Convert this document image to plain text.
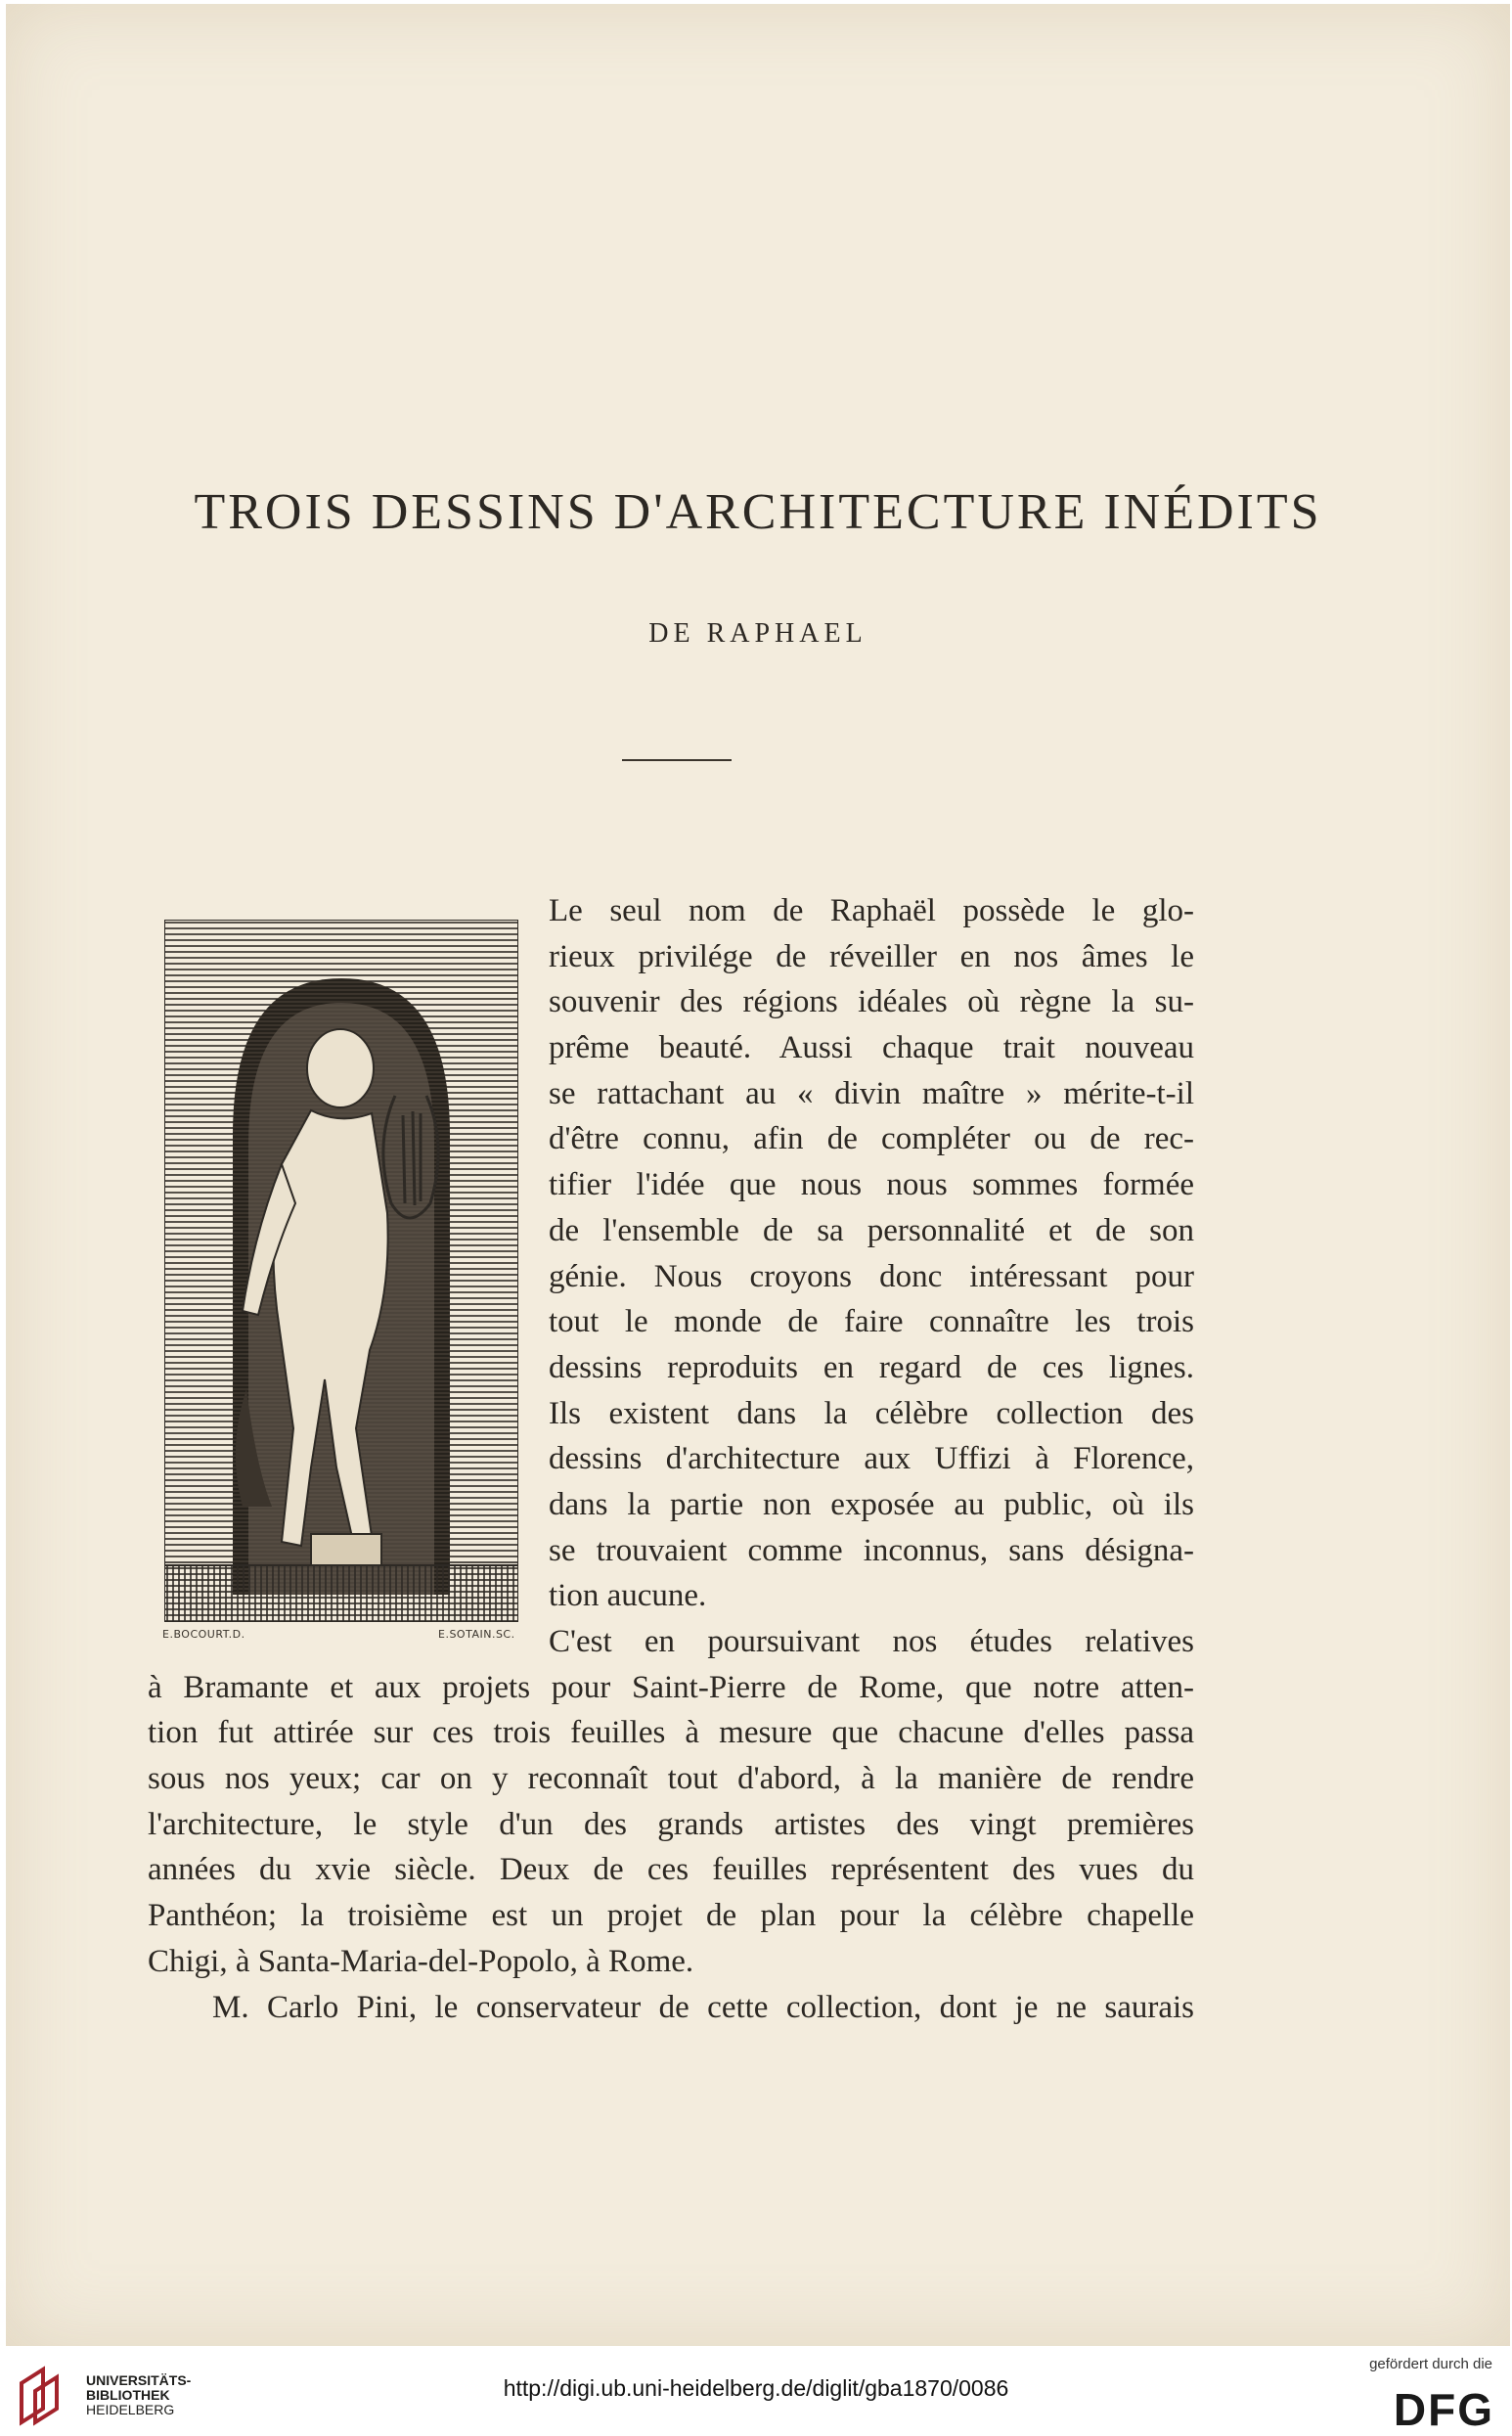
TROIS DESSINS D'ARCHITECTURE INÉDITS
DE RAPHAEL
E.BOCOURT.D.	E.SOTAIN.SC.
Le seul nom de Raphaël possède le glo-
rieux privilége de réveiller en nos âmes le
souvenir des régions idéales où règne la su-
prême beauté. Aussi chaque trait nouveau
se rattachant au « divin maître » mérite-t-il
d'être connu, afin de compléter ou de rec-
tifier l'idée que nous nous sommes formée
de l'ensemble de sa personnalité et de son
génie. Nous croyons donc intéressant pour
tout le monde de faire connaître les trois
dessins reproduits en regard de ces lignes.
Ils existent dans la célèbre collection des
dessins d'architecture aux Uffizi à Florence,
dans la partie non exposée au public, où ils
se trouvaient comme inconnus, sans désigna-
tion aucune.
C'est en poursuivant nos études relatives
à Bramante et aux projets pour Saint-Pierre de Rome, que notre atten-
tion fut attirée sur ces trois feuilles à mesure que chacune d'elles passa
sous nos yeux; car on y reconnaît tout d'abord, à la manière de rendre
l'architecture, le style d'un des grands artistes des vingt premières
années du xvie siècle. Deux de ces feuilles représentent des vues du
Panthéon; la troisième est un projet de plan pour la célèbre chapelle
Chigi, à Santa-Maria-del-Popolo, à Rome.
M. Carlo Pini, le conservateur de cette collection, dont je ne saurais
UNIVERSITÄTS-
BIBLIOTHEK
HEIDELBERG
http://digi.ub.uni-heidelberg.de/diglit/gba1870/0086
gefördert durch die
DFG
